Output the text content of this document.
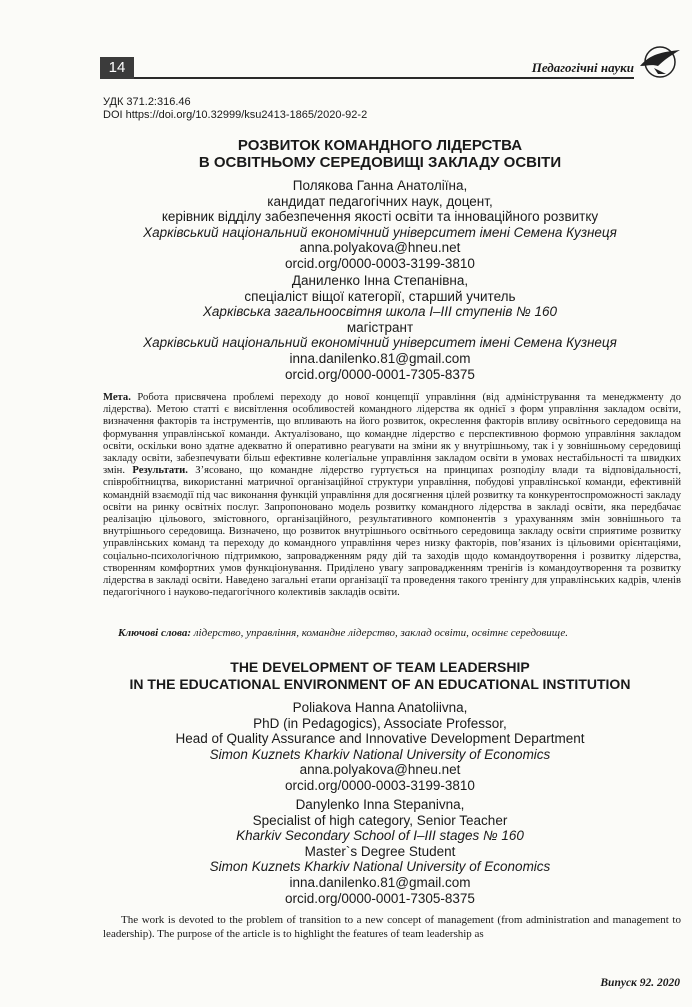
14	Педагогічні науки
УДК 371.2:316.46
DOI https://doi.org/10.32999/ksu2413-1865/2020-92-2
РОЗВИТОК КОМАНДНОГО ЛІДЕРСТВА
В ОСВІТНЬОМУ СЕРЕДОВИЩІ ЗАКЛАДУ ОСВІТИ
Полякова Ганна Анатоліїна,
кандидат педагогічних наук, доцент,
керівник відділу забезпечення якості освіти та інноваційного розвитку
Харківський національний економічний університет імені Семена Кузнеця
anna.polyakova@hneu.net
orcid.org/0000-0003-3199-3810
Даниленко Інна Степанівна,
спеціаліст віщої категорії, старший учитель
Харківська загальноосвітня школа І–ІІІ ступенів № 160
магістрант
Харківський національний економічний університет імені Семена Кузнеця
inna.danilenko.81@gmail.com
orcid.org/0000-0001-7305-8375
Мета. Робота присвячена проблемі переходу до нової концепції управління (від адміністрування та менеджменту до лідерства). Метою статті є висвітлення особливостей командного лідерства як однієї з форм управління закладом освіти, визначення факторів та інструментів, що впливають на його розвиток, окреслення факторів впливу освітнього середовища на формування управлінської команди. Актуалізовано, що командне лідерство є перспективною формою управління закладом освіти, оскільки воно здатне адекватно й оперативно реагувати на зміни як у внутрішньому, так і у зовнішньому середовищі закладу освіти, забезпечувати більш ефективне колегіальне управління закладом освіти в умовах нестабільності та швидких змін. Результати. З’ясовано, що командне лідерство гуртується на принципах розподілу влади та відповідальності, співробітництва, використанні матричної організаційної структури управління, побудові управлінської команди, ефективній командній взаємодії під час виконання функцій управління для досягнення цілей розвитку та конкурентоспроможності закладу освіти на ринку освітніх послуг. Запропоновано модель розвитку командного лідерства в закладі освіти, яка передбачає реалізацію цільового, змістовного, організаційного, результативного компонентів з урахуванням змін зовнішнього та внутрішнього середовища. Визначено, що розвиток внутрішнього освітнього середовища закладу освіти сприятиме розвитку управлінських команд та переходу до командного управління через низку факторів, пов’язаних із цільовими орієнтаціями, соціально-психологічною підтримкою, запровадженням ряду дій та заходів щодо командоутворення і розвитку лідерства, створенням комфортних умов функціонування. Приділено увагу запровадженням тренігів із командоутворення та розвитку лідерства в закладі освіти. Наведено загальні етапи організації та проведення такого тренінгу для управлінських кадрів, членів педагогічного і науково-педагогічного колективів закладів освіти.
Ключові слова: лідерство, управління, командне лідерство, заклад освіти, освітнє середовище.
THE DEVELOPMENT OF TEAM LEADERSHIP
IN THE EDUCATIONAL ENVIRONMENT OF AN EDUCATIONAL INSTITUTION
Poliakova Hanna Anatoliivna,
PhD (in Pedagogics), Associate Professor,
Head of Quality Assurance and Innovative Development Department
Simon Kuznets Kharkiv National University of Economics
anna.polyakova@hneu.net
orcid.org/0000-0003-3199-3810
Danylenko Inna Stepanivna,
Specialist of high category, Senior Teacher
Kharkiv Secondary School of I–III stages № 160
Master`s Degree Student
Simon Kuznets Kharkiv National University of Economics
inna.danilenko.81@gmail.com
orcid.org/0000-0001-7305-8375
The work is devoted to the problem of transition to a new concept of management (from administration and management to leadership). The purpose of the article is to highlight the features of team leadership as
Випуск 92. 2020
